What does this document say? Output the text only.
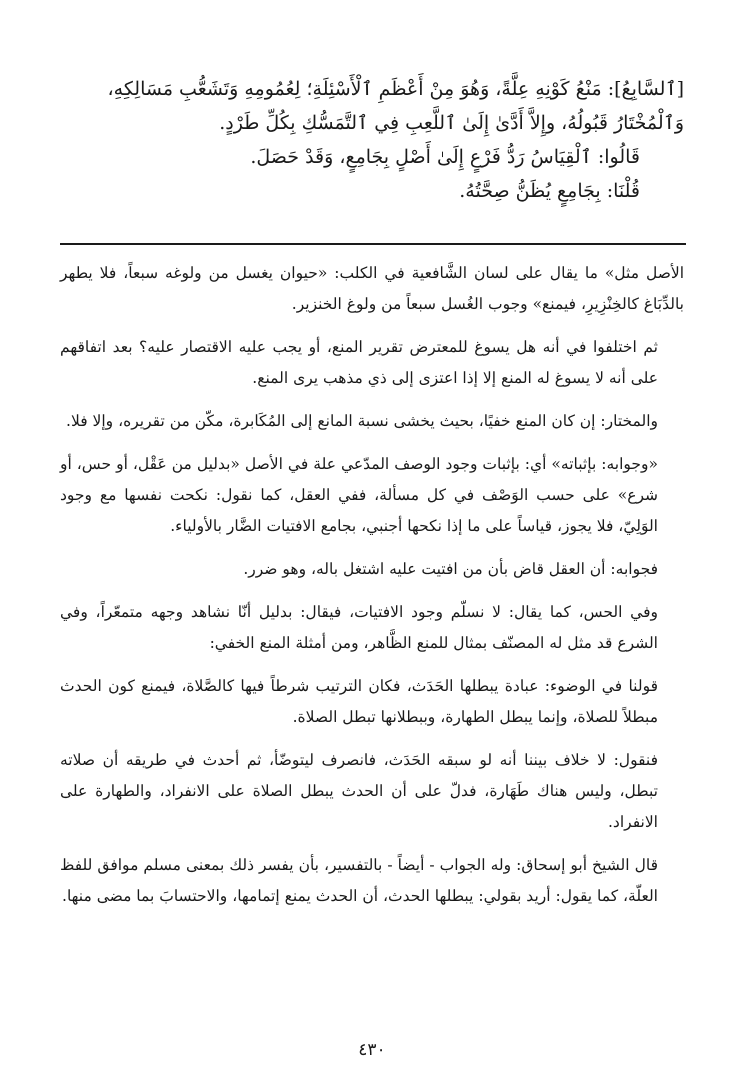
[ٱلسَّابِعُ]: مَنْعُ كَوْنِهِ عِلَّةً، وَهُوَ مِنْ أَعْظَمِ ٱلْأَسْئِلَةِ؛ لِعُمُومِهِ وَتَشَعُّبِ مَسَالِكِهِ،

وَٱلْمُخْتَارُ قَبُولُهُ، وإِلاَّ أَدَّىٰ إِلَىٰ ٱللَّعِبِ فِي ٱلتَّمَسُّكِ بِكُلِّ طَرْدٍ.

قَالُوا: ٱلْقِيَاسُ رَدُّ فَرْعٍ إِلَىٰ أَصْلٍ بِجَامِعٍ، وَقَدْ حَصَلَ.

قُلْنَا: بِجَامِعٍ يُظَنُّ صِحَّتُهُ.

الأصل مثل» ما يقال على لسان الشَّافعية في الكلب: «حيوان يغسل من ولوغه سبعاً، فلا يطهر بالدِّبَاغ كالخِنْزِيرِ، فيمنع» وجوب الغُسل سبعاً من ولوغ الخنزير.

ثم اختلفوا في أنه هل يسوغ للمعترض تقرير المنع، أو يجب عليه الاقتصار عليه؟ بعد اتفاقهم على أنه لا يسوغ له المنع إلا إذا اعتزى إلى ذي مذهب يرى المنع.

والمختار: إن كان المنع خفيًا، بحيث يخشى نسبة المانع إلى المُكَابرة، مكّن من تقريره، وإلا فلا.

«وجوابه: بإثباته» أي: بإثبات وجود الوصف المدّعي علة في الأصل «بدليل من عَقْل، أو حس، أو شرع» على حسب الوَصْف في كل مسألة، ففي العقل، كما نقول: نكحت نفسها مع وجود الوَلِيّ، فلا يجوز، قياساً على ما إذا نكحها أجنبي، بجامع الافتيات الضَّار بالأولياء.

فجوابه: أن العقل قاض بأن من افتيت عليه اشتغل باله، وهو ضرر.

وفي الحس، كما يقال: لا نسلّم وجود الافتيات، فيقال: بدليل أنّا نشاهد وجهه متمعّراً، وفي الشرع قد مثل له المصنّف بمثال للمنع الظَّاهر، ومن أمثلة المنع الخفي:

قولنا في الوضوء: عبادة يبطلها الحَدَث، فكان الترتيب شرطاً فيها كالصَّلاة، فيمنع كون الحدث مبطلاً للصلاة، وإنما يبطل الطهارة، وببطلانها تبطل الصلاة.

فنقول: لا خلاف بيننا أنه لو سبقه الحَدَث، فانصرف ليتوضّأ، ثم أحدث في طريقه أن صلاته تبطل، وليس هناك طَهَارة، فدلّ على أن الحدث يبطل الصلاة على الانفراد، والطهارة على الانفراد.

قال الشيخ أبو إسحاق: وله الجواب - أيضاً - بالتفسير، بأن يفسر ذلك بمعنى مسلم موافق للفظ العلّة، كما يقول: أريد بقولي: يبطلها الحدث، أن الحدث يمنع إتمامها، والاحتسابَ بما مضى منها.

٤٣٠
